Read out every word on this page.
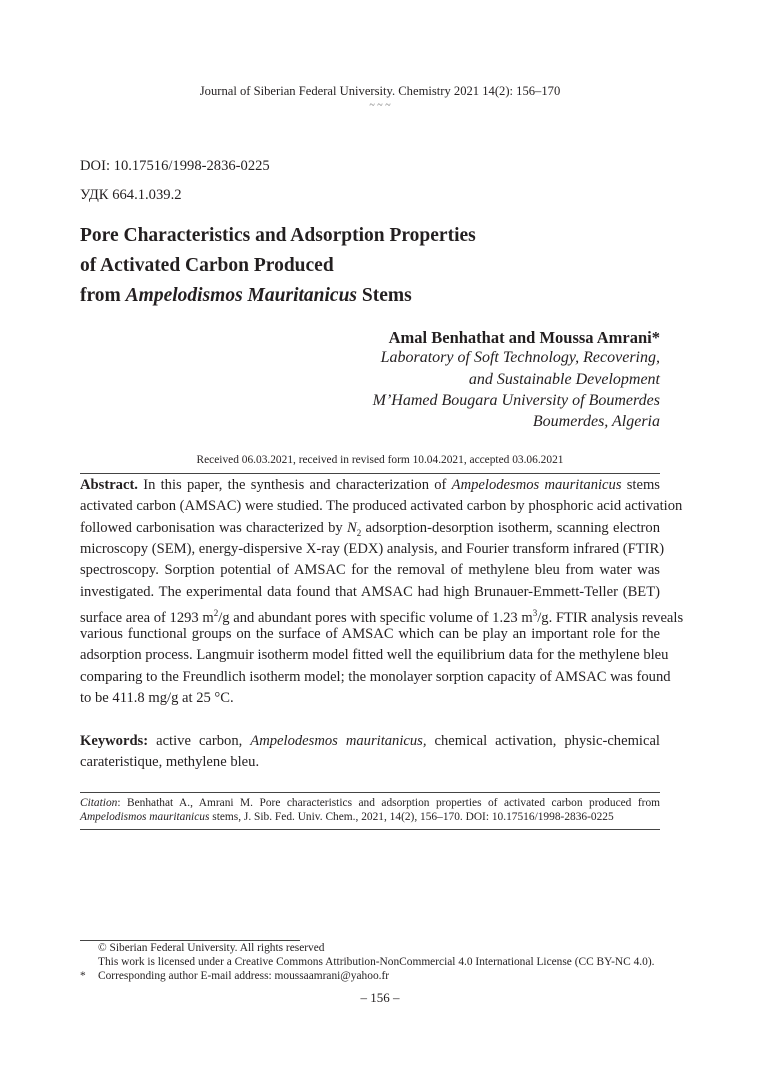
Journal of Siberian Federal University. Chemistry 2021 14(2): 156–170
~ ~ ~
DOI: 10.17516/1998-2836-0225
УДК 664.1.039.2
Pore Characteristics and Adsorption Properties
of Activated Carbon Produced
from Ampelodismos Mauritanicus Stems
Amal Benhathat and Moussa Amrani*
Laboratory of Soft Technology, Recovering,
and Sustainable Development
M’Hamed Bougara University of Boumerdes
Boumerdes, Algeria
Received 06.03.2021, received in revised form 10.04.2021, accepted 03.06.2021
Abstract. In this paper, the synthesis and characterization of Ampelodesmos mauritanicus stems
activated carbon (AMSAC) were studied. The produced activated carbon by phosphoric acid activation
followed carbonisation was characterized by $N_2$ adsorption-desorption isotherm, scanning electron
microscopy (SEM), energy-dispersive X-ray (EDX) analysis, and Fourier transform infrared (FTIR)
spectroscopy. Sorption potential of AMSAC for the removal of methylene bleu from water was
investigated. The experimental data found that AMSAC had high Brunauer-Emmett-Teller (BET)
surface area of 1293 $m^2/g$ and abundant pores with specific volume of 1.23 $m^3/g$. FTIR analysis reveals
various functional groups on the surface of AMSAC which can be play an important role for the
adsorption process. Langmuir isotherm model fitted well the equilibrium data for the methylene bleu
comparing to the Freundlich isotherm model; the monolayer sorption capacity of AMSAC was found
to be 411.8 mg/g at 25 °C.
Keywords: active carbon, Ampelodesmos mauritanicus, chemical activation, physic-chemical
carateristique, methylene bleu.
Citation: Benhathat A., Amrani M. Pore characteristics and adsorption properties of activated carbon produced from
Ampelodismos mauritanicus stems, J. Sib. Fed. Univ. Chem., 2021, 14(2), 156–170. DOI: 10.17516/1998-2836-0225
© Siberian Federal University. All rights reserved
This work is licensed under a Creative Commons Attribution-NonCommercial 4.0 International License (CC BY-NC 4.0).
* Corresponding author E-mail address: moussaamrani@yahoo.fr
– 156 –
